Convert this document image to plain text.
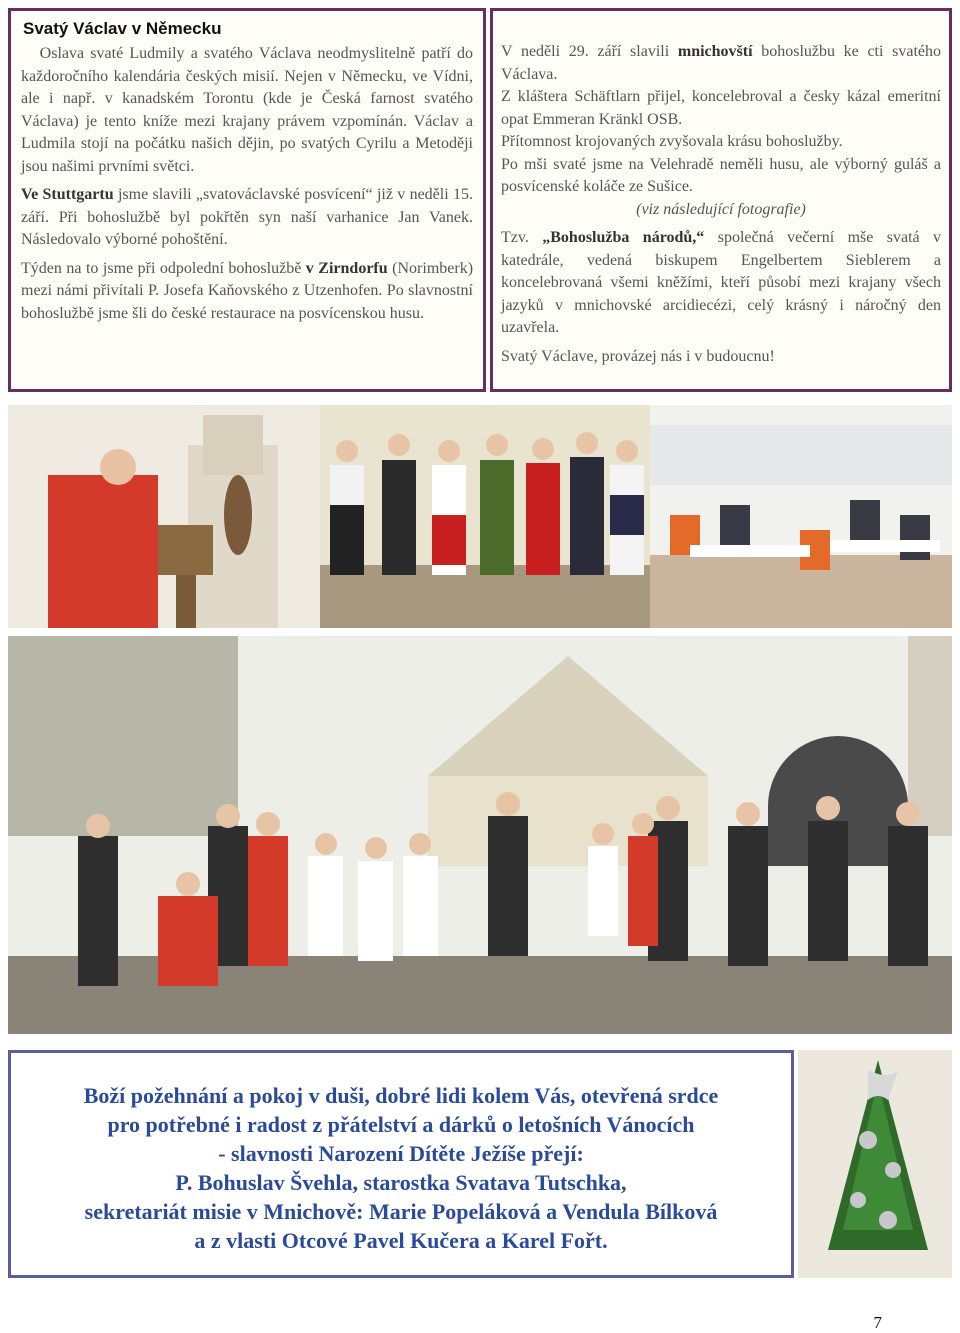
Svatý Václav v Německu

Oslava svaté Ludmily a svatého Václava neodmyslitelně patří do každoročního kalendária českých misií. Nejen v Německu, ve Vídni, ale i např. v kanadském Torontu (kde je Česká farnost svatého Václava) je tento kníže mezi krajany právem vzpomínán. Václav a Ludmila stojí na počátku našich dějin, po svatých Cyrilu a Metoději jsou našimi prvními světci.

Ve Stuttgartu jsme slavili „svatováclavské posvícení“ již v neděli 15. září. Při bohoslužbě byl pokřtěn syn naší varhanice Jan Vanek. Následovalo výborné pohoštění.

Týden na to jsme při odpolední bohoslužbě v Zirndorfu (Norimberk) mezi námi přivítali P. Josefa Kaňovského z Utzenhofen. Po slavnostní bohoslužbě jsme šli do české restaurace na posvícenskou husu.

V neděli 29. září slavili mnichovští bohoslužbu ke cti svatého Václava.

Z kláštera Schäftlarn přijel, koncelebroval a česky kázal emeritní opat Emmeran Kränkl OSB.

Přítomnost krojovaných zvyšovala krásu bohoslužby.

Po mši svaté jsme na Velehradě neměli husu, ale výborný guláš a posvícenské koláče ze Sušice.

(viz následující fotografie)

Tzv. „Bohoslužba národů,“ společná večerní mše svatá v katedrále, vedená biskupem Engelbertem Sieblerem a koncelebrovaná všemi kněžími, kteří působí mezi krajany všech jazyků v mnichovské arcidiecézi, celý krásný i náročný den uzavřela.

Svatý Václave, provázej nás i v budoucnu!

Boží požehnání a pokoj v duši, dobré lidi kolem Vás, otevřená srdce

pro potřebné i radost z přátelství a dárků o letošních Vánocích

- slavnosti Narození Dítěte Ježíše přejí:

P. Bohuslav Švehla, starostka Svatava Tutschka,

sekretariát misie v Mnichově: Marie Popeláková a Vendula Bílková

a z vlasti Otcové Pavel Kučera a Karel Fořt.

7
